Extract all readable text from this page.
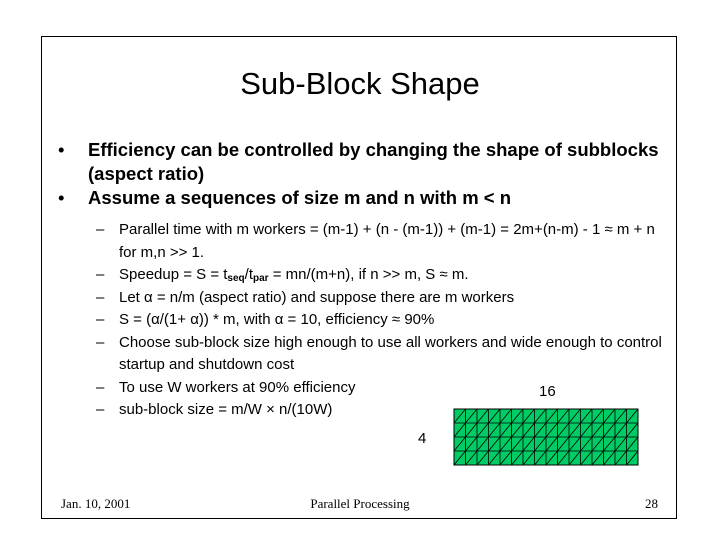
Sub-Block Shape

• Efficiency can be controlled by changing the shape of subblocks (aspect ratio)

• Assume a sequences of size m and n with m < n

– Parallel time with m workers = (m-1) + (n - (m-1)) + (m-1) = 2m+(n-m) - 1 ≈ m + n for m,n >> 1.

– Speedup = $S = t_{seq}/t_{par} = mn/(m+n)$, if n >> m, S ≈ m.

– Let α = n/m (aspect ratio) and suppose there are m workers

– S = (α/(1+ α)) * m, with α = 10, efficiency ≈ 90%

– Choose sub-block size high enough to use all workers and wide enough to control startup and shutdown cost

– To use W workers at 90% efficiency

– sub-block size = m/W × n/(10W)

16
4
Jan. 10, 2001	Parallel Processing	28
